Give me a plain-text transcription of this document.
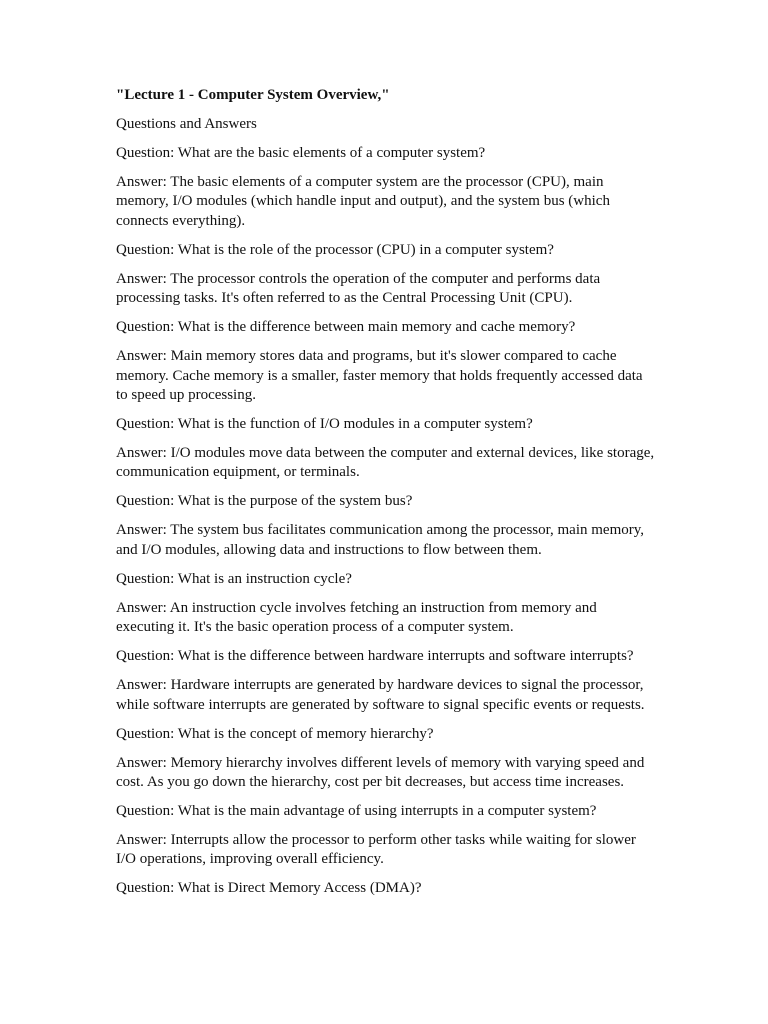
"Lecture 1 - Computer System Overview,"

Questions and Answers

Question: What are the basic elements of a computer system?

Answer: The basic elements of a computer system are the processor (CPU), main memory, I/O modules (which handle input and output), and the system bus (which connects everything).

Question: What is the role of the processor (CPU) in a computer system?

Answer: The processor controls the operation of the computer and performs data processing tasks. It's often referred to as the Central Processing Unit (CPU).

Question: What is the difference between main memory and cache memory?

Answer: Main memory stores data and programs, but it's slower compared to cache memory. Cache memory is a smaller, faster memory that holds frequently accessed data to speed up processing.

Question: What is the function of I/O modules in a computer system?

Answer: I/O modules move data between the computer and external devices, like storage, communication equipment, or terminals.

Question: What is the purpose of the system bus?

Answer: The system bus facilitates communication among the processor, main memory, and I/O modules, allowing data and instructions to flow between them.

Question: What is an instruction cycle?

Answer: An instruction cycle involves fetching an instruction from memory and executing it. It's the basic operation process of a computer system.

Question: What is the difference between hardware interrupts and software interrupts?

Answer: Hardware interrupts are generated by hardware devices to signal the processor, while software interrupts are generated by software to signal specific events or requests.

Question: What is the concept of memory hierarchy?

Answer: Memory hierarchy involves different levels of memory with varying speed and cost. As you go down the hierarchy, cost per bit decreases, but access time increases.

Question: What is the main advantage of using interrupts in a computer system?

Answer: Interrupts allow the processor to perform other tasks while waiting for slower I/O operations, improving overall efficiency.

Question: What is Direct Memory Access (DMA)?
